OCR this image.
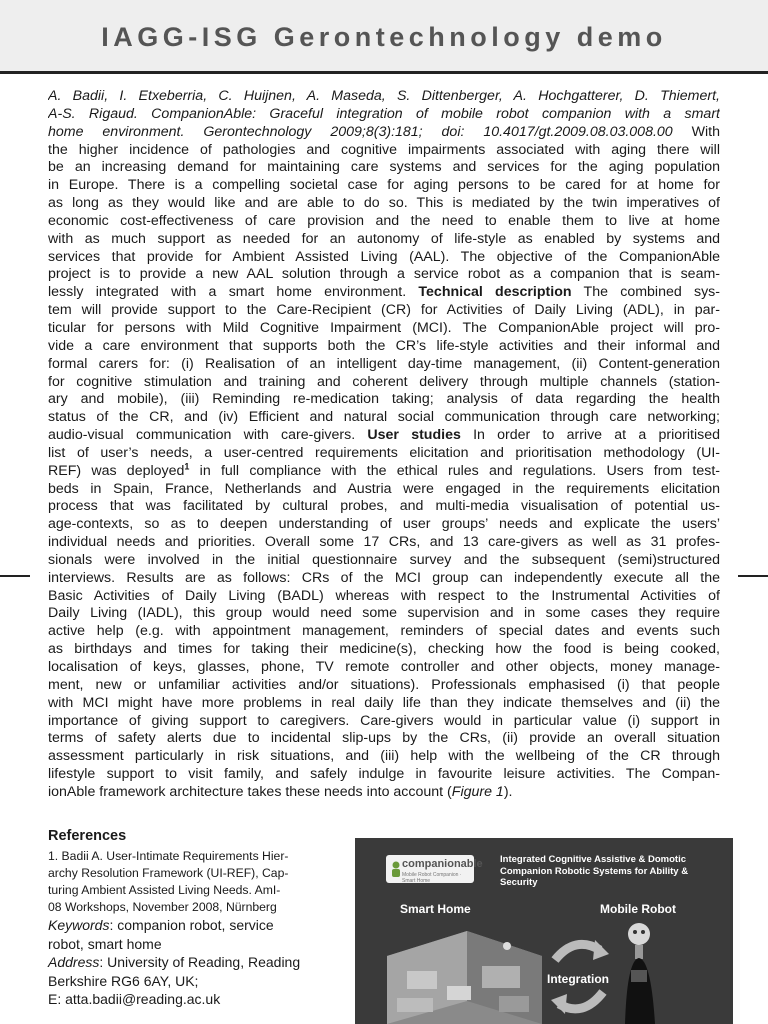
IAGG-ISG Gerontechnology demo
A. Badii, I. Etxeberria, C. Huijnen, A. Maseda, S. Dittenberger, A. Hochgatterer, D. Thiemert,
A-S. Rigaud. CompanionAble: Graceful integration of mobile robot companion with a smart
home environment. Gerontechnology 2009;8(3):181; doi: 10.4017/gt.2009.08.03.008.00 With
the higher incidence of pathologies and cognitive impairments associated with aging there will
be an increasing demand for maintaining care systems and services for the aging population
in Europe. There is a compelling societal case for aging persons to be cared for at home for
as long as they would like and are able to do so. This is mediated by the twin imperatives of
economic cost-effectiveness of care provision and the need to enable them to live at home
with as much support as needed for an autonomy of life-style as enabled by systems and
services that provide for Ambient Assisted Living (AAL). The objective of the CompanionAble
project is to provide a new AAL solution through a service robot as a companion that is seam-
lessly integrated with a smart home environment. Technical description The combined sys-
tem will provide support to the Care-Recipient (CR) for Activities of Daily Living (ADL), in par-
ticular for persons with Mild Cognitive Impairment (MCI). The CompanionAble project will pro-
vide a care environment that supports both the CR’s life-style activities and their informal and
formal carers for: (i) Realisation of an intelligent day-time management, (ii) Content-generation
for cognitive stimulation and training and coherent delivery through multiple channels (station-
ary and mobile), (iii) Reminding re-medication taking; analysis of data regarding the health
status of the CR, and (iv) Efficient and natural social communication through care networking;
audio-visual communication with care-givers. User studies In order to arrive at a prioritised
list of user’s needs, a user-centred requirements elicitation and prioritisation methodology (UI-
REF) was deployed$^1$ in full compliance with the ethical rules and regulations. Users from test-
beds in Spain, France, Netherlands and Austria were engaged in the requirements elicitation
process that was facilitated by cultural probes, and multi-media visualisation of potential us-
age-contexts, so as to deepen understanding of user groups’ needs and explicate the users’
individual needs and priorities. Overall some 17 CRs, and 13 care-givers as well as 31 profes-
sionals were involved in the initial questionnaire survey and the subsequent (semi)structured
interviews. Results are as follows: CRs of the MCI group can independently execute all the
Basic Activities of Daily Living (BADL) whereas with respect to the Instrumental Activities of
Daily Living (IADL), this group would need some supervision and in some cases they require
active help (e.g. with appointment management, reminders of special dates and events such
as birthdays and times for taking their medicine(s), checking how the food is being cooked,
localisation of keys, glasses, phone, TV remote controller and other objects, money manage-
ment, new or unfamiliar activities and/or situations). Professionals emphasised (i) that people
with MCI might have more problems in real daily life than they indicate themselves and (ii) the
importance of giving support to caregivers. Care-givers would in particular value (i) support in
terms of safety alerts due to incidental slip-ups by the CRs, (ii) provide an overall situation
assessment particularly in risk situations, and (iii) help with the wellbeing of the CR through
lifestyle support to visit family, and safely indulge in favourite leisure activities. The Compan-
ionAble framework architecture takes these needs into account (Figure 1).
References
1. Badii A. User-Intimate Requirements Hier-
archy Resolution Framework (UI-REF), Cap-
turing Ambient Assisted Living Needs. AmI-
08 Workshops, November 2008, Nürnberg
Keywords: companion robot, service
robot, smart home
Address: University of Reading, Reading
Berkshire RG6 6AY, UK;
E: atta.badii@reading.ac.uk
companionable
Mobile Robot Companion · Smart Home
Integrated Cognitive Assistive & Domotic
Companion Robotic Systems for Ability &
Security
Smart Home	Mobile Robot
Integration
